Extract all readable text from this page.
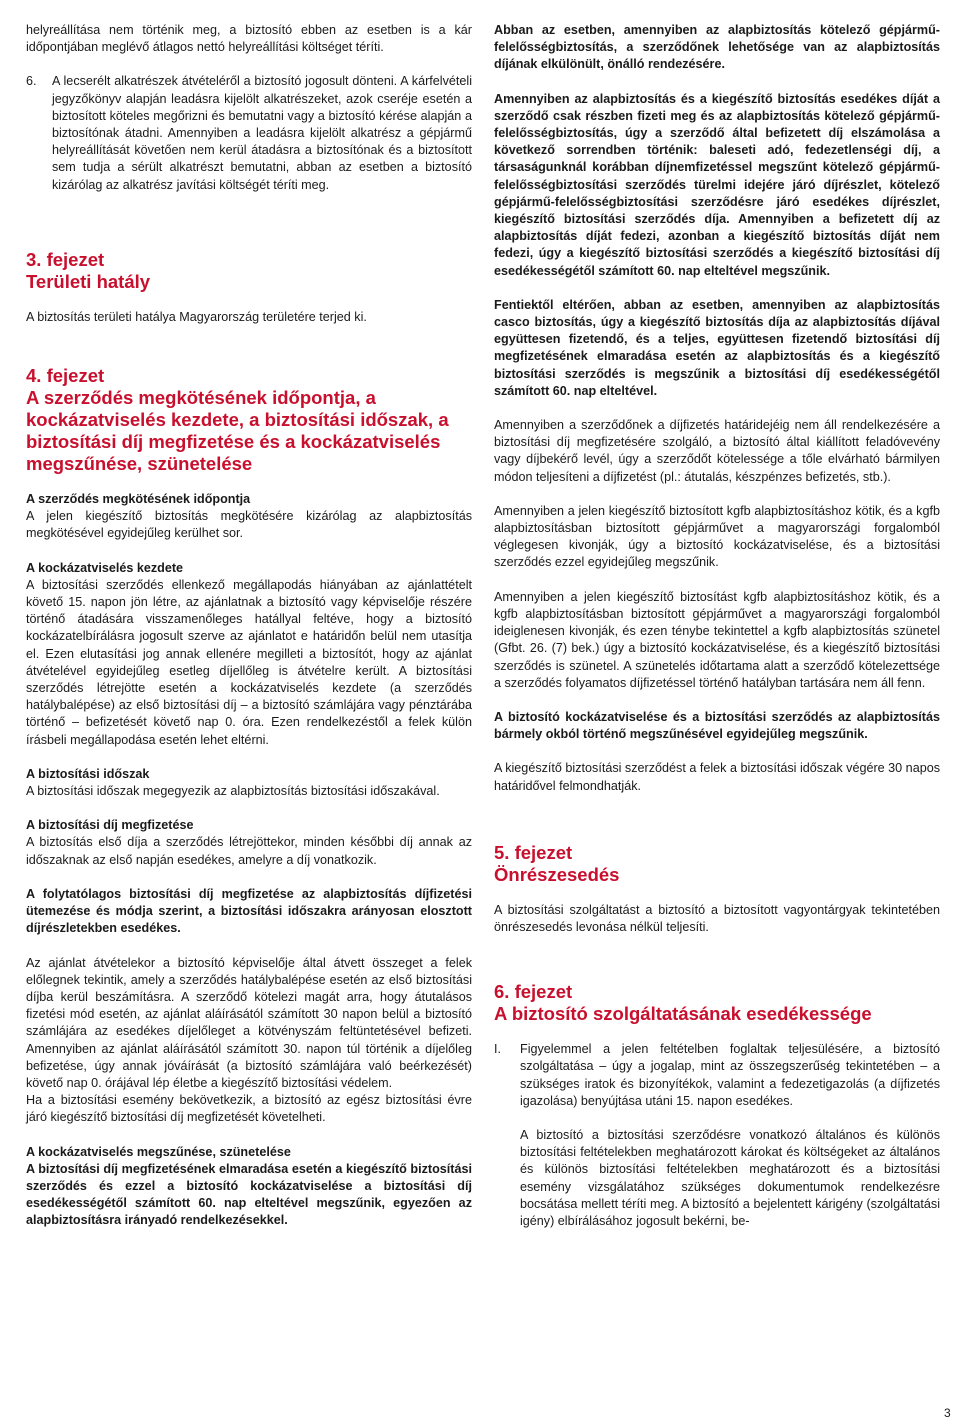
helyreállítása nem történik meg, a biztosító ebben az esetben is a kár időpontjában meglévő átlagos nettó helyreállítási költséget téríti.

6.	A lecserélt alkatrészek átvételéről a biztosító jogosult dönteni. A kárfelvételi jegyzőkönyv alapján leadásra kijelölt alkatrészeket, azok cseréje esetén a biztosított köteles megőrizni és bemutatni vagy a biztosító kérése alapján a biztosítónak átadni. Amennyiben a leadásra kijelölt alkatrész a gépjármű helyreállítását követően nem kerül átadásra a biztosítónak és a biztosított sem tudja a sérült alkatrészt bemutatni, abban az esetben a biztosító kizárólag az alkatrész javítási költségét téríti meg.
3. fejezet
Területi hatály

A biztosítás területi hatálya Magyarország területére terjed ki.

4. fejezet
A szerződés megkötésének időpontja, a kockázatviselés kezdete, a biztosítási időszak, a biztosítási díj megfizetése és a kockázatviselés megszűnése, szünetelése

A szerződés megkötésének időpontja

A jelen kiegészítő biztosítás megkötésére kizárólag az alapbiztosítás megkötésével egyidejűleg kerülhet sor.

A kockázatviselés kezdete

A biztosítási szerződés ellenkező megállapodás hiányában az ajánlattételt követő 15. napon jön létre, az ajánlatnak a biztosító vagy képviselője részére történő átadására visszamenőleges hatállyal feltéve, hogy a biztosító kockázatelbírálásra jogosult szerve az ajánlatot e határidőn belül nem utasítja el. Ezen elutasítási jog annak ellenére megilleti a biztosítót, hogy az ajánlat átvételével egyidejűleg esetleg díjellőleg is átvételre került. A biztosítási szerződés létrejötte esetén a kockázatviselés kezdete (a szerződés hatálybalépése) az első biztosítási díj – a biztosító számlájára vagy pénztárába történő – befizetését követő nap 0. óra. Ezen rendelkezéstől a felek külön írásbeli megállapodása esetén lehet eltérni.

A biztosítási időszak

A biztosítási időszak megegyezik az alapbiztosítás biztosítási időszakával.

A biztosítási díj megfizetése

A biztosítás első díja a szerződés létrejöttekor, minden későbbi díj annak az időszaknak az első napján esedékes, amelyre a díj vonatkozik.

A folytatólagos biztosítási díj megfizetése az alapbiztosítás díjfizetési ütemezése és módja szerint, a biztosítási időszakra arányosan elosztott díjrészletekben esedékes.

Az ajánlat átvételekor a biztosító képviselője által átvett összeget a felek előlegnek tekintik, amely a szerződés hatálybalépése esetén az első biztosítási díjba kerül beszámításra. A szerződő kötelezi magát arra, hogy átutalásos fizetési mód esetén, az ajánlat aláírásától számított 30 napon belül a biztosító számlájára az esedékes díjelőleget a kötvényszám feltüntetésével befizeti. Amennyiben az ajánlat aláírásától számított 30. napon túl történik a díjelőleg befizetése, úgy annak jóváírását (a biztosító számlájára való beérkezését) követő nap 0. órájával lép életbe a kiegészítő biztosítási védelem.

Ha a biztosítási esemény bekövetkezik, a biztosító az egész biztosítási évre járó kiegészítő biztosítási díj megfizetését követelheti.

A kockázatviselés megszűnése, szünetelése

A biztosítási díj megfizetésének elmaradása esetén a kiegészítő biztosítási szerződés és ezzel a biztosító kockázatviselése a biztosítási díj esedékességétől számított 60. nap elteltével megszűnik, egyezően az alapbiztosításra irányadó rendelkezésekkel.

Abban az esetben, amennyiben az alapbiztosítás kötelező gépjármű-felelősségbiztosítás, a szerződőnek lehetősége van az alapbiztosítás díjának elkülönült, önálló rendezésére.

Amennyiben az alapbiztosítás és a kiegészítő biztosítás esedékes díját a szerződő csak részben fizeti meg és az alapbiztosítás kötelező gépjármű-felelősségbiztosítás, úgy a szerződő által befizetett díj elszámolása a következő sorrendben történik: baleseti adó, fedezetlenségi díj, a társaságunknál korábban díjnemfizetéssel megszűnt kötelező gépjármű-felelősségbiztosítási szerződés türelmi idejére járó díjrészlet, kötelező gépjármű-felelősségbiztosítási szerződésre járó esedékes díjrészlet, kiegészítő biztosítási szerződés díja. Amennyiben a befizetett díj az alapbiztosítás díját fedezi, azonban a kiegészítő biztosítás díját nem fedezi, úgy a kiegészítő biztosítási szerződés a kiegészítő biztosítási díj esedékességétől számított 60. nap elteltével megszűnik.

Fentiektől eltérően, abban az esetben, amennyiben az alapbiztosítás casco biztosítás, úgy a kiegészítő biztosítás díja az alapbiztosítás díjával együttesen fizetendő, és a teljes, együttesen fizetendő biztosítási díj megfizetésének elmaradása esetén az alapbiztosítás és a kiegészítő biztosítási szerződés is megszűnik a biztosítási díj esedékességétől számított 60. nap elteltével.

Amennyiben a szerződőnek a díjfizetés határidejéig nem áll rendelkezésére a biztosítási díj megfizetésére szolgáló, a biztosító által kiállított feladóvevény vagy díjbekérő levél, úgy a szerződőt kötelessége a tőle elvárható bármilyen módon teljesíteni a díjfizetést (pl.: átutalás, készpénzes befizetés, stb.).

Amennyiben a jelen kiegészítő biztosított kgfb alapbiztosításhoz kötik, és a kgfb alapbiztosításban biztosított gépjárművet a magyarországi forgalomból véglegesen kivonják, úgy a biztosító kockázatviselése, és a biztosítási szerződés ezzel egyidejűleg megszűnik.

Amennyiben a jelen kiegészítő biztosítást kgfb alapbiztosításhoz kötik, és a kgfb alapbiztosításban biztosított gépjárművet a magyarországi forgalomból ideiglenesen kivonják, és ezen ténybe tekintettel a kgfb alapbiztosítás szünetel (Gfbt. 26. (7) bek.) úgy a biztosító kockázatviselése, és a kiegészítő biztosítási szerződés is szünetel. A szünetelés időtartama alatt a szerződő kötelezettsége a szerződés folyamatos díjfizetéssel történő hatályban tartására nem áll fenn.

A biztosító kockázatviselése és a biztosítási szerződés az alapbiztosítás bármely okból történő megszűnésével egyidejűleg megszűnik.

A kiegészítő biztosítási szerződést a felek a biztosítási időszak végére 30 napos határidővel felmondhatják.

5. fejezet
Önrészesedés

A biztosítási szolgáltatást a biztosító a biztosított vagyontárgyak tekintetében önrészesedés levonása nélkül teljesíti.

6. fejezet
A biztosító szolgáltatásának esedékessége
I.	Figyelemmel a jelen feltételben foglaltak teljesülésére, a biztosító szolgáltatása – úgy a jogalap, mint az összegszerűség tekintetében – a szükséges iratok és bizonyítékok, valamint a fedezetigazolás (a díjfizetés igazolása) benyújtása utáni 15. napon esedékes.

A biztosító a biztosítási szerződésre vonatkozó általános és különös biztosítási feltételekben meghatározott károkat és költségeket az általános és különös biztosítási feltételekben meghatározott és a biztosítási esemény vizsgálatához szükséges dokumentumok rendelkezésre bocsátása mellett téríti meg. A biztosító a bejelentett kárigény (szolgáltatási igény) elbírálásához jogosult bekérni, be-

3
